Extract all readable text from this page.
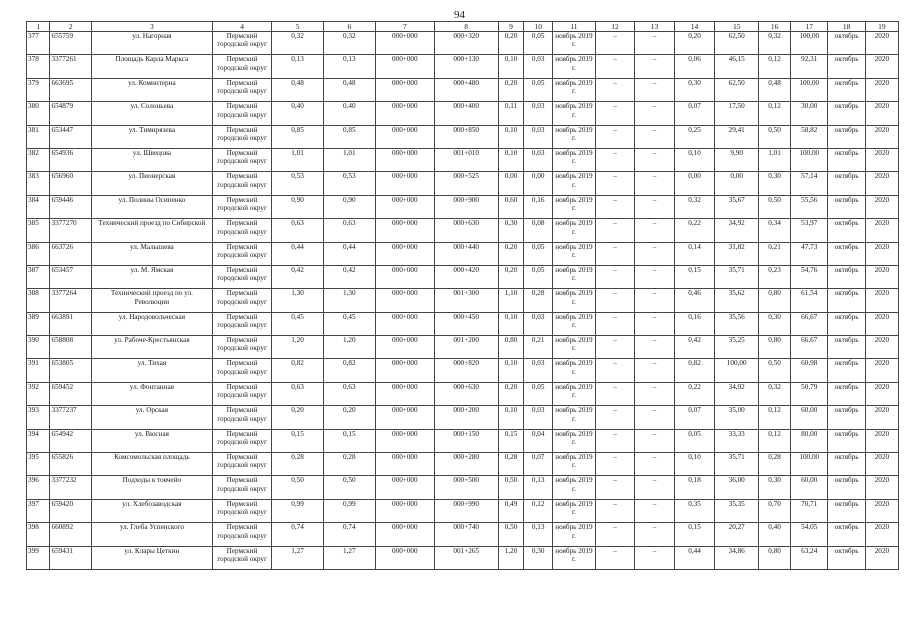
94
1	2	3	4	5	6	7	8	9	10	11	12	13	14	15	16	17	18	19
377	655759	ул. Нагорная	Пермский городской округ	0,32	0,32	000+000	000+320	0,20	0,05	ноябрь 2019 г.	–	–	0,20	62,50	0,32	100,00	октябрь	2020
378	3377261	Площадь Карла Маркса	Пермский городской округ	0,13	0,13	000+000	000+130	0,10	0,03	ноябрь 2019 г.	–	–	0,06	46,15	0,12	92,31	октябрь	2020
379	663695	ул. Коминтерна	Пермский городской округ	0,48	0,48	000+000	000+480	0,20	0,05	ноябрь 2019 г.	–	–	0,30	62,50	0,48	100,00	октябрь	2020
380	654879	ул. Солоньева	Пермский городской округ	0,40	0,40	000+000	000+400	0,11	0,03	ноябрь 2019 г.	–	–	0,07	17,50	0,12	30,00	октябрь	2020
381	653447	ул. Тимирязева	Пермский городской округ	0,85	0,85	000+000	000+850	0,10	0,03	ноябрь 2019 г.	–	–	0,25	29,41	0,50	58,82	октябрь	2020
382	654936	ул. Швецова	Пермский городской округ	1,01	1,01	000+000	001+010	0,10	0,03	ноябрь 2019 г.	–	–	0,10	9,90	1,01	100,00	октябрь	2020
383	656960	ул. Пионерская	Пермский городской округ	0,53	0,53	000+000	000+525	0,00	0,00	ноябрь 2019 г.	–	–	0,00	0,00	0,30	57,14	октябрь	2020
384	659446	ул. Полины Осипенко	Пермский городской округ	0,90	0,90	000+000	000+900	0,60	0,16	ноябрь 2019 г.	–	–	0,32	35,67	0,50	55,56	октябрь	2020
385	3377270	Технический проезд по Сибирской	Пермский городской округ	0,63	0,63	000+000	000+630	0,30	0,08	ноябрь 2019 г.	–	–	0,22	34,92	0,34	53,97	октябрь	2020
386	663726	ул. Малышева	Пермский городской округ	0,44	0,44	000+000	000+440	0,20	0,05	ноябрь 2019 г.	–	–	0,14	31,82	0,21	47,73	октябрь	2020
387	653457	ул. М. Ямская	Пермский городской округ	0,42	0,42	000+000	000+420	0,20	0,05	ноябрь 2019 г.	–	–	0,15	35,71	0,23	54,76	октябрь	2020
388	3377264	Технический проезд по ул. Революции	Пермский городской округ	1,30	1,30	000+000	001+300	1,10	0,28	ноябрь 2019 г.	–	–	0,46	35,62	0,80	61,54	октябрь	2020
389	663891	ул. Народовольческая	Пермский городской округ	0,45	0,45	000+000	000+450	0,10	0,03	ноябрь 2019 г.	–	–	0,16	35,56	0,30	66,67	октябрь	2020
390	658808	ул. Рабоче-Крестьянская	Пермский городской округ	1,20	1,20	000+000	001+200	0,80	0,21	ноябрь 2019 г.	–	–	0,42	35,25	0,80	66,67	октябрь	2020
391	653805	ул. Тихая	Пермский городской округ	0,82	0,82	000+000	000+820	0,10	0,03	ноябрь 2019 г.	–	–	0,82	100,00	0,50	60,98	октябрь	2020
392	659452	ул. Фонтанная	Пермский городской округ	0,63	0,63	000+000	000+630	0,20	0,05	ноябрь 2019 г.	–	–	0,22	34,92	0,32	50,79	октябрь	2020
393	3377237	ул. Орская	Пермский городской округ	0,20	0,20	000+000	000+200	0,10	0,03	ноябрь 2019 г.	–	–	0,07	35,00	0,12	60,00	октябрь	2020
394	654942	ул. Вюсная	Пермский городской округ	0,15	0,15	000+000	000+150	0,15	0,04	ноябрь 2019 г.	–	–	0,05	33,33	0,12	80,00	октябрь	2020
395	655826	Комсомольская площадь	Пермский городской округ	0,28	0,28	000+000	000+280	0,28	0,07	ноябрь 2019 г.	–	–	0,10	35,71	0,28	100,00	октябрь	2020
396	3377232	Подходы к товчейо	Пермский городской округ	0,50	0,50	000+000	000+500	0,50	0,13	ноябрь 2019 г.	–	–	0,18	36,00	0,30	60,00	октябрь	2020
397	659420	ул. Хлебозаводская	Пермский городской округ	0,99	0,99	000+000	000+990	0,49	0,12	ноябрь 2019 г.	–	–	0,35	35,35	0,70	70,71	октябрь	2020
398	660892	ул. Глеба Успенского	Пермский городской округ	0,74	0,74	000+000	000+740	0,50	0,13	ноябрь 2019 г.	–	–	0,15	20,27	0,40	54,05	октябрь	2020
399	659431	ул. Клары Цеткин	Пермский городской округ	1,27	1,27	000+000	001+265	1,20	0,30	ноябрь 2019 г.	–	–	0,44	34,86	0,80	63,24	октябрь	2020
